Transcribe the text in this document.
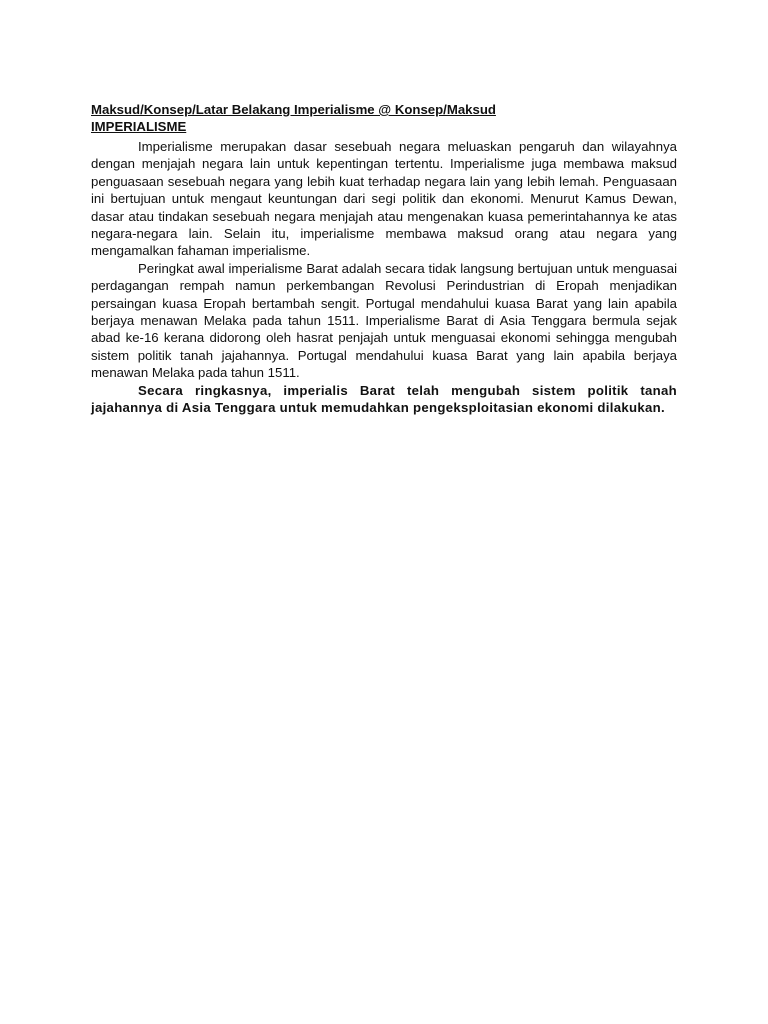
Maksud/Konsep/Latar Belakang Imperialisme @ Konsep/Maksud
IMPERIALISME

Imperialisme merupakan dasar sesebuah negara meluaskan pengaruh dan wilayahnya dengan menjajah negara lain untuk kepentingan tertentu. Imperialisme juga membawa maksud penguasaan sesebuah negara yang lebih kuat terhadap negara lain yang lebih lemah. Penguasaan ini bertujuan untuk mengaut keuntungan dari segi politik dan ekonomi. Menurut Kamus Dewan, dasar atau tindakan sesebuah negara menjajah atau mengenakan kuasa pemerintahannya ke atas negara-negara lain. Selain itu, imperialisme membawa maksud orang atau negara yang mengamalkan fahaman imperialisme.

Peringkat awal imperialisme Barat adalah secara tidak langsung bertujuan untuk menguasai perdagangan rempah namun perkembangan Revolusi Perindustrian di Eropah menjadikan persaingan kuasa Eropah bertambah sengit. Portugal mendahului kuasa Barat yang lain apabila berjaya menawan Melaka pada tahun 1511. Imperialisme Barat di Asia Tenggara bermula sejak abad ke-16 kerana didorong oleh hasrat penjajah untuk menguasai ekonomi sehingga mengubah sistem politik tanah jajahannya. Portugal mendahului kuasa Barat yang lain apabila berjaya menawan Melaka pada tahun 1511.

Secara ringkasnya, imperialis Barat telah mengubah sistem politik tanah jajahannya di Asia Tenggara untuk memudahkan pengeksploitasian ekonomi dilakukan.
